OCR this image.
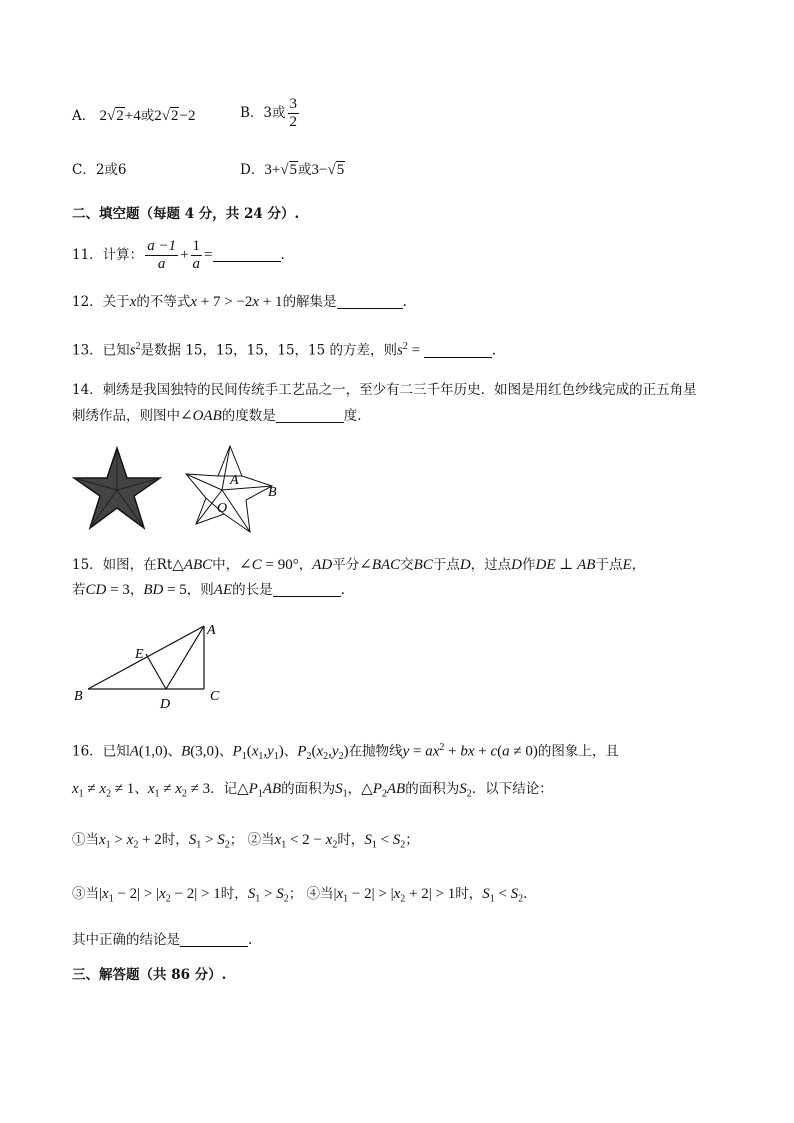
A． 2√2+4或2√2−2	B．3或 $\frac{3}{2}$
C．2或6	D．3+√5或3−√5
二、填空题（每题 4 分，共 24 分）.
11．计算： $\frac{a -1}{a} + \frac{1}{a}$ =	.
12．关于x的不等式x + 7 > −2x + 1的解集是	.
13．已知$s^2$是数据 15，15，15，15，15 的方差，则$s^2$ =	.
14．刺绣是我国独特的民间传统手工艺品之一，至少有二三千年历史．如图是用红色纱线完成的正五角星
刺绣作品，则图中∠OAB的度数是	度.
A
B
O
15．如图，在Rt△ABC中，∠C = 90°，AD平分∠BAC交BC于点D，过点D作DE ⊥ AB于点E，
若CD = 3，BD = 5，则AE的长是	.
A
B	C
D
E
16．已知A(1,0)、B(3,0)、$P_1(x_1,y_1)$、$P_2(x_2,y_2)$在抛物线$y = ax^2$ + bx + c(a ≠ 0)的图象上，且
$x_1 \ne x_2 \ne 1$、$x_1 \ne x_2 \ne 3$．记$\triangle P_1AB$的面积为$S_1$，$\triangle P_2AB$的面积为$S_2$．以下结论：
①当$x_1 > x_2 + 2$时，$S_1 > S_2$； ②当$x_1 < 2 - x_2$时，$S_1 < S_2$；
③当$|x_1 - 2| > |x_2 - 2| > 1$时，$S_1 > S_2$； ④当$|x_1 - 2| > |x_2 + 2| > 1$时，$S_1 < S_2$.
其中正确的结论是	.
三、解答题（共 86 分）.
